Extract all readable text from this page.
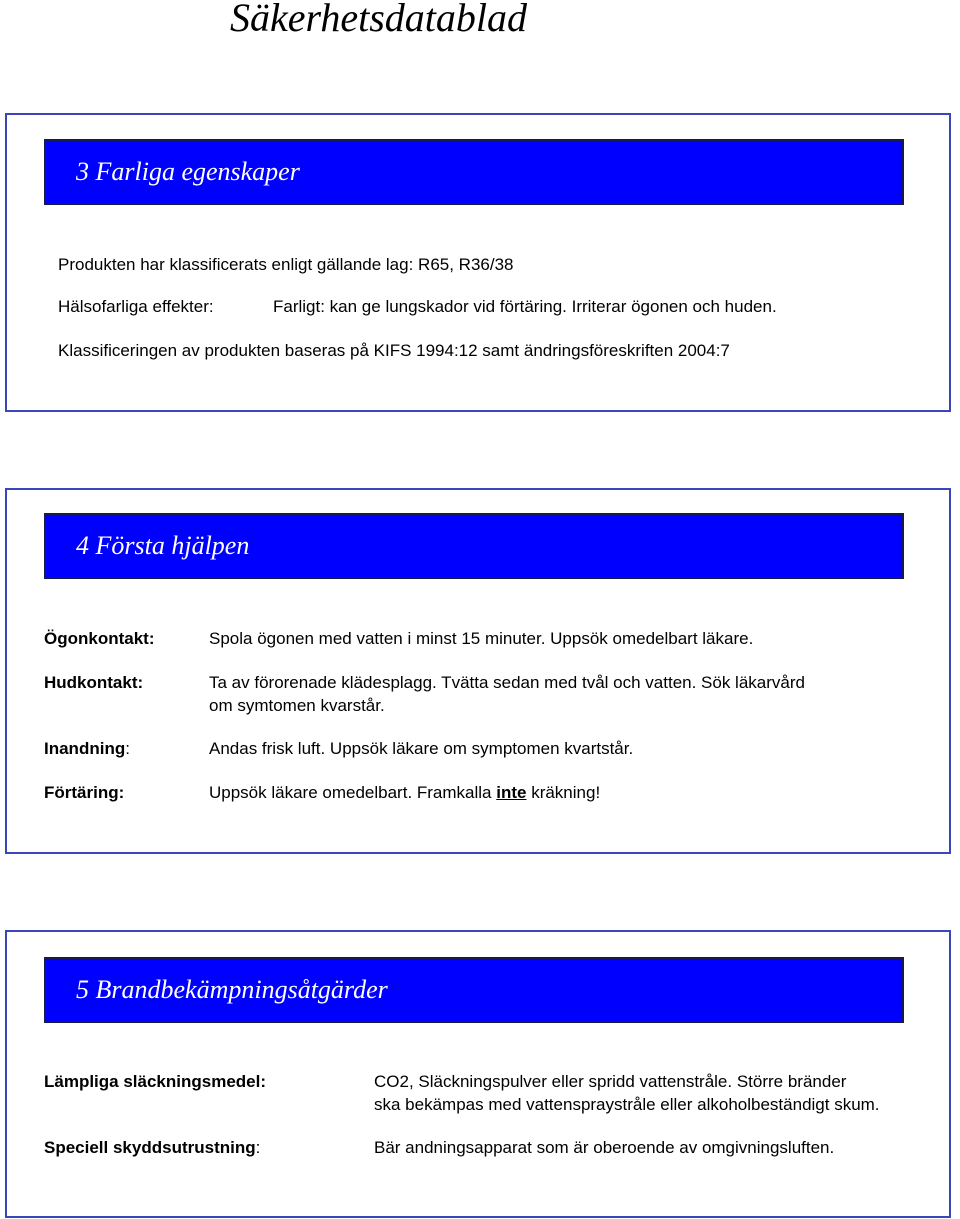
Säkerhetsdatablad
3 Farliga egenskaper
Produkten har klassificerats enligt gällande lag: R65, R36/38
Hälsofarliga effekter:	Farligt: kan ge lungskador vid förtäring. Irriterar ögonen och huden.
Klassificeringen av produkten baseras på KIFS 1994:12 samt ändringsföreskriften 2004:7
4 Första hjälpen
Ögonkontakt:	Spola ögonen med vatten i minst 15 minuter. Uppsök omedelbart läkare.
Hudkontakt:	Ta av förorenade klädesplagg. Tvätta sedan med tvål och vatten. Sök läkarvård
om symtomen kvarstår.
Inandning:	Andas frisk luft. Uppsök läkare om symptomen kvartstår.
Förtäring:	Uppsök läkare omedelbart. Framkalla inte kräkning!
5 Brandbekämpningsåtgärder
Lämpliga släckningsmedel:	CO2, Släckningspulver eller spridd vattenstråle. Större bränder
ska bekämpas med vattenspraystråle eller alkoholbeständigt skum.
Speciell skyddsutrustning:	Bär andningsapparat som är oberoende av omgivningsluften.
